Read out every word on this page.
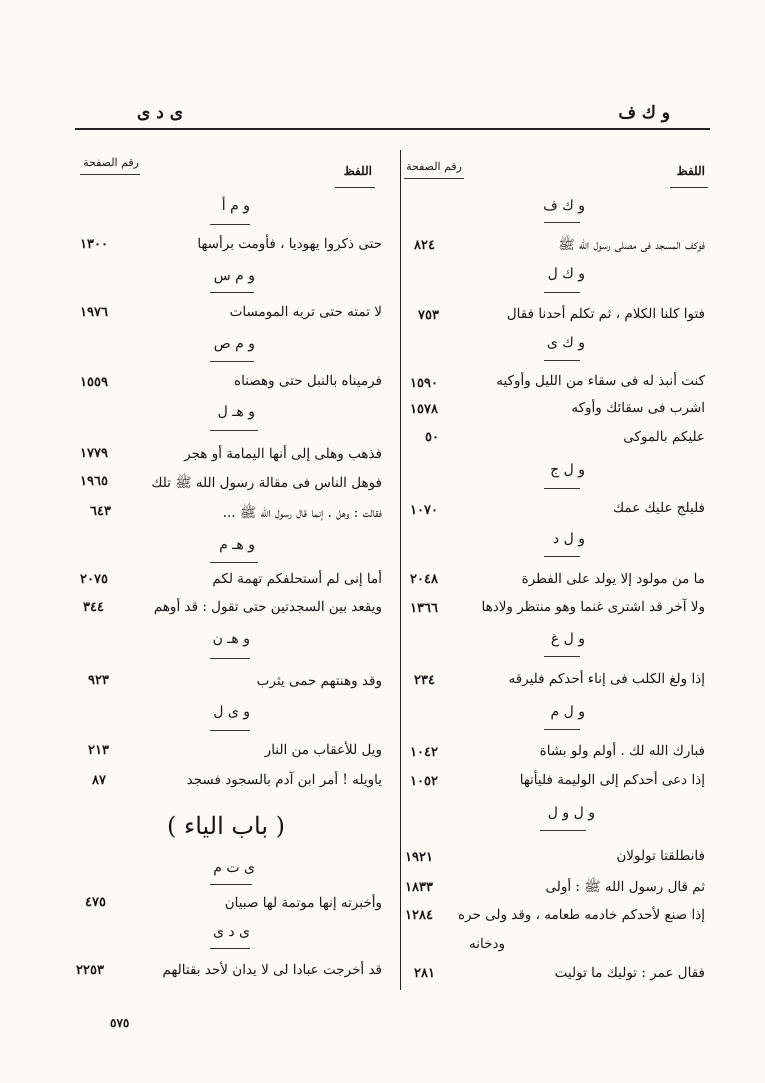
و ك ف
ى د ى
اللفظ
رقم الصفحة
اللفظ
رقم الصفحة
و ك ف
فوكف المسجد فى مصلى رسول الله ﷺ
٨٢٤
و ك ل
فتوا كلنا الكلام ، ثم تكلم أحدنا فقال
٧٥٣
و ك ى
كنت أنبذ له فى سقاء من الليل وأوكيه
١٥٩٠
اشرب فى سقائك وأوكه
١٥٧٨
عليكم بالموكى
٥٠
و ل ج
فليلج عليك عمك
١٠٧٠
و ل د
ما من مولود إلا يولد على الفطرة
٢٠٤٨
ولا آخر قد اشترى غنما وهو منتظر ولادها
١٣٦٦
و ل غ
إذا ولغ الكلب فى إناء أحدكم فليرقه
٢٣٤
و ل م
فبارك الله لك . أولم ولو بشاة
١٠٤٢
إذا دعى أحدكم إلى الوليمة فليأتها
١٠٥٢
و ل و ل
فانطلقتا تولولان
١٩٢١
ثم قال رسول الله ﷺ : أولى
١٨٣٣
إذا صنع لأحدكم خادمه طعامه ، وقد ولى حره
١٢٨٤
ودخانه
فقال عمر : توليك ما توليت
٢٨١
و م أ
حتى ذكروا يهوديا ، فأومت برأسها
١٣٠٠
و م س
لا تمته حتى تريه المومسات
١٩٧٦
و م ص
فرميناه بالنبل حتى وهصناه
١٥٥٩
و هـ ل
فذهب وهلى إلى أنها اليمامة أو هجر
١٧٧٩
فوهل الناس فى مقالة رسول الله ﷺ تلك
١٩٦٥
فقالت : وهل . إنما قال رسول الله ﷺ ...
٦٤٣
و هـ م
أما إنى لم أستحلفكم تهمة لكم
٢٠٧٥
ويقعد بين السجدتين حتى تقول : قد أوهم
٣٤٤
و هـ ن
وقد وهنتهم حمى يثرب
٩٢٣
و ى ل
ويل للأعقاب من النار
٢١٣
ياويله ! أمر ابن آدم بالسجود فسجد
٨٧
( باب الياء )
ى ت م
وأخبرته إنها موتمة لها صبيان
٤٧٥
ى د ى
قد أخرجت عبادا لى لا يدان لأحد بقتالهم
٢٢٥٣
٥٧٥
